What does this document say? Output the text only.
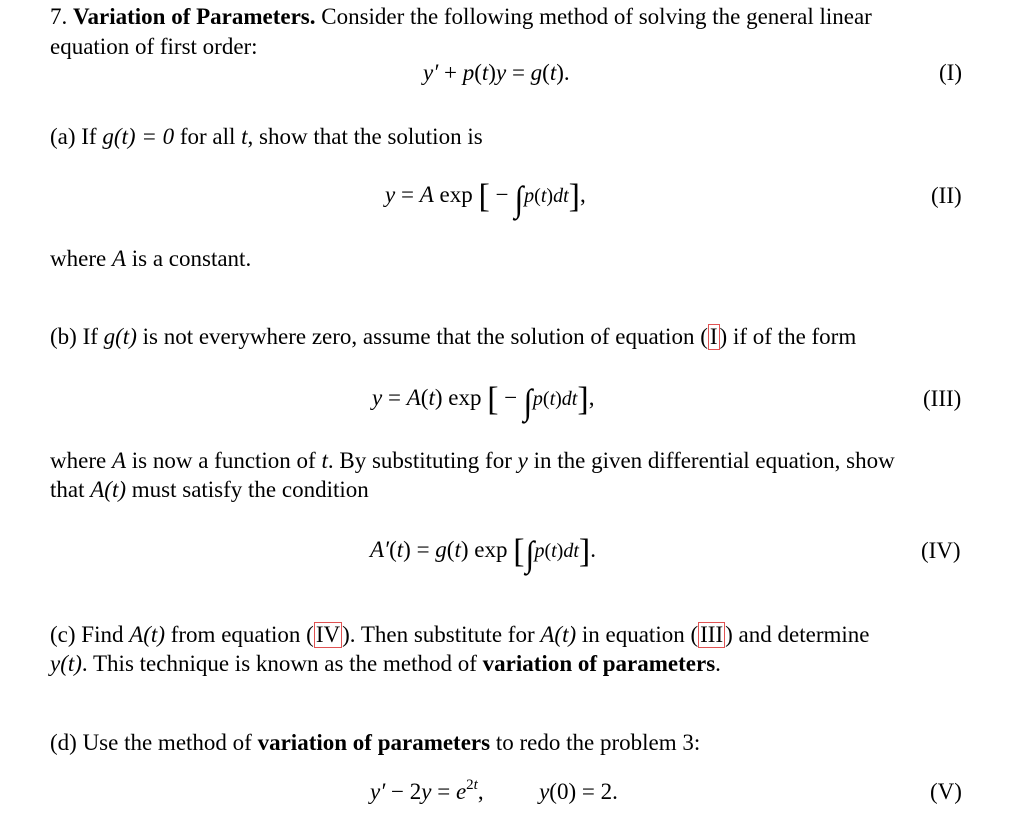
7. Variation of Parameters. Consider the following method of solving the general linear
equation of first order:
y′ + p(t)y = g(t).	(I)
(a) If g(t) = 0 for all t, show that the solution is
y = A exp [ − ∫p(t)dt],	(II)
where A is a constant.
(b) If g(t) is not everywhere zero, assume that the solution of equation (I) if of the form
y = A(t) exp [ − ∫p(t)dt],	(III)
where A is now a function of t. By substituting for y in the given differential equation, show
that A(t) must satisfy the condition
A′(t) = g(t) exp [∫p(t)dt].	(IV)
(c) Find A(t) from equation (IV). Then substitute for A(t) in equation (III) and determine
y(t). This technique is known as the method of variation of parameters.
(d) Use the method of variation of parameters to redo the problem 3:
$y' - 2y = e^{2t}$,  y(0) = 2.	(V)
